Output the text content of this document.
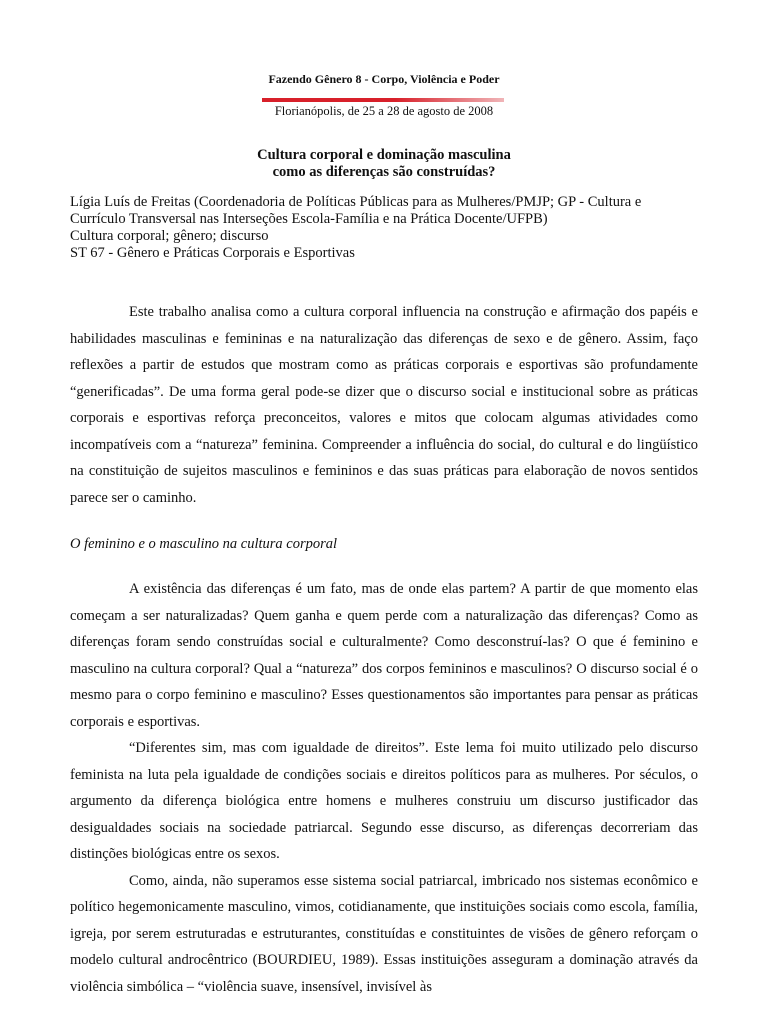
Fazendo Gênero 8 - Corpo, Violência e Poder
Florianópolis, de 25 a 28 de agosto de 2008
Cultura corporal e dominação masculina
como as diferenças são construídas?
Lígia Luís de Freitas (Coordenadoria de Políticas Públicas para as Mulheres/PMJP; GP - Cultura e
Currículo Transversal nas Interseções Escola-Família e na Prática Docente/UFPB)
Cultura corporal; gênero; discurso
ST 67 - Gênero e Práticas Corporais e Esportivas

Este trabalho analisa como a cultura corporal influencia na construção e afirmação dos papéis e habilidades masculinas e femininas e na naturalização das diferenças de sexo e de gênero. Assim, faço reflexões a partir de estudos que mostram como as práticas corporais e esportivas são profundamente “generificadas”. De uma forma geral pode-se dizer que o discurso social e institucional sobre as práticas corporais e esportivas reforça preconceitos, valores e mitos que colocam algumas atividades como incompatíveis com a “natureza” feminina. Compreender a influência do social, do cultural e do lingüístico na constituição de sujeitos masculinos e femininos e das suas práticas para elaboração de novos sentidos parece ser o caminho.

O feminino e o masculino na cultura corporal

A existência das diferenças é um fato, mas de onde elas partem? A partir de que momento elas começam a ser naturalizadas? Quem ganha e quem perde com a naturalização das diferenças? Como as diferenças foram sendo construídas social e culturalmente? Como desconstruí-las? O que é feminino e masculino na cultura corporal? Qual a “natureza” dos corpos femininos e masculinos? O discurso social é o mesmo para o corpo feminino e masculino? Esses questionamentos são importantes para pensar as práticas corporais e esportivas.

“Diferentes sim, mas com igualdade de direitos”. Este lema foi muito utilizado pelo discurso feminista na luta pela igualdade de condições sociais e direitos políticos para as mulheres. Por séculos, o argumento da diferença biológica entre homens e mulheres construiu um discurso justificador das desigualdades sociais na sociedade patriarcal. Segundo esse discurso, as diferenças decorreriam das distinções biológicas entre os sexos.

Como, ainda, não superamos esse sistema social patriarcal, imbricado nos sistemas econômico e político hegemonicamente masculino, vimos, cotidianamente, que instituições sociais como escola, família, igreja, por serem estruturadas e estruturantes, constituídas e constituintes de visões de gênero reforçam o modelo cultural androcêntrico (BOURDIEU, 1989). Essas instituições asseguram a dominação através da violência simbólica – “violência suave, insensível, invisível às
